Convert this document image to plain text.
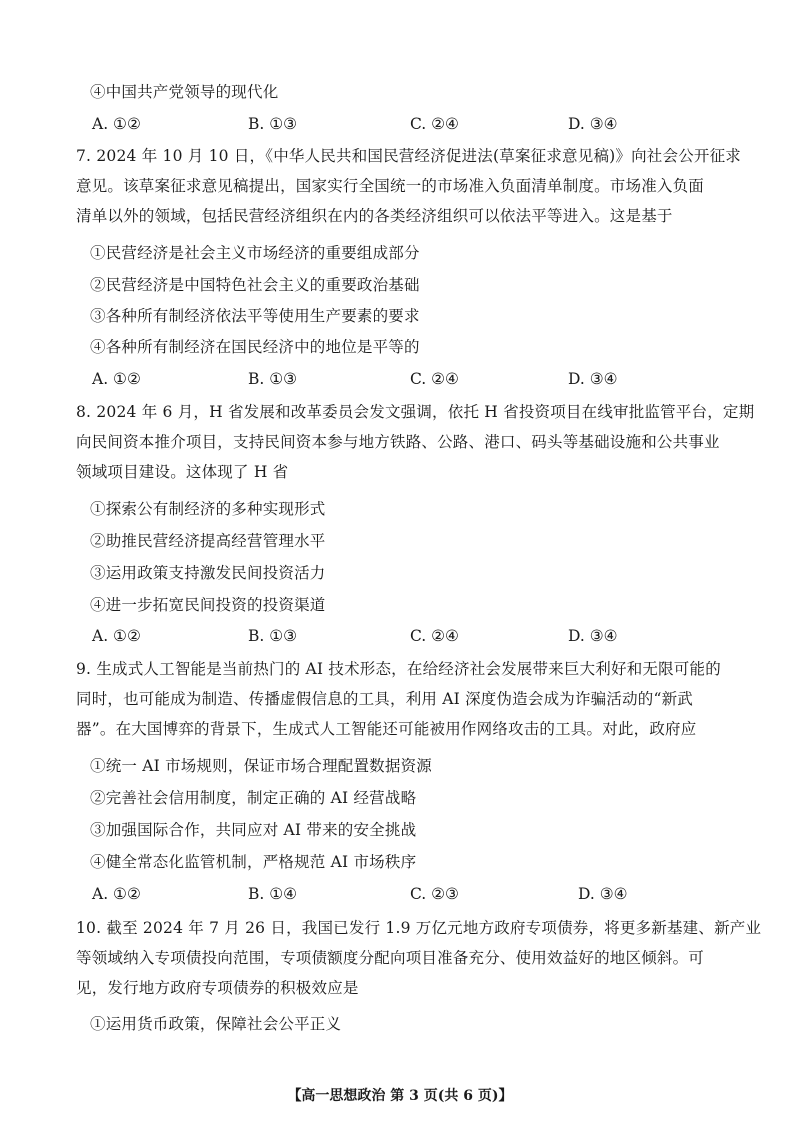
④中国共产党领导的现代化
A. ①②	B. ①③	C. ②④	D. ③④
7. 2024 年 10 月 10 日，《中华人民共和国民营经济促进法(草案征求意见稿)》向社会公开征求
意见。该草案征求意见稿提出，国家实行全国统一的市场准入负面清单制度。市场准入负面
清单以外的领域，包括民营经济组织在内的各类经济组织可以依法平等进入。这是基于
①民营经济是社会主义市场经济的重要组成部分
②民营经济是中国特色社会主义的重要政治基础
③各种所有制经济依法平等使用生产要素的要求
④各种所有制经济在国民经济中的地位是平等的
A. ①②	B. ①③	C. ②④	D. ③④
8. 2024 年 6 月，H 省发展和改革委员会发文强调，依托 H 省投资项目在线审批监管平台，定期
向民间资本推介项目，支持民间资本参与地方铁路、公路、港口、码头等基础设施和公共事业
领域项目建设。这体现了 H 省
①探索公有制经济的多种实现形式
②助推民营经济提高经营管理水平
③运用政策支持激发民间投资活力
④进一步拓宽民间投资的投资渠道
A. ①②	B. ①③	C. ②④	D. ③④
9. 生成式人工智能是当前热门的 AI 技术形态，在给经济社会发展带来巨大利好和无限可能的
同时，也可能成为制造、传播虚假信息的工具，利用 AI 深度伪造会成为诈骗活动的“新武
器”。在大国博弈的背景下，生成式人工智能还可能被用作网络攻击的工具。对此，政府应
①统一 AI 市场规则，保证市场合理配置数据资源
②完善社会信用制度，制定正确的 AI 经营战略
③加强国际合作，共同应对 AI 带来的安全挑战
④健全常态化监管机制，严格规范 AI 市场秩序
A. ①②	B. ①④	C. ②③	D. ③④
10. 截至 2024 年 7 月 26 日，我国已发行 1.9 万亿元地方政府专项债券，将更多新基建、新产业
等领域纳入专项债投向范围，专项债额度分配向项目准备充分、使用效益好的地区倾斜。可
见，发行地方政府专项债券的积极效应是
①运用货币政策，保障社会公平正义
【高一思想政治 第 3 页(共 6 页)】
